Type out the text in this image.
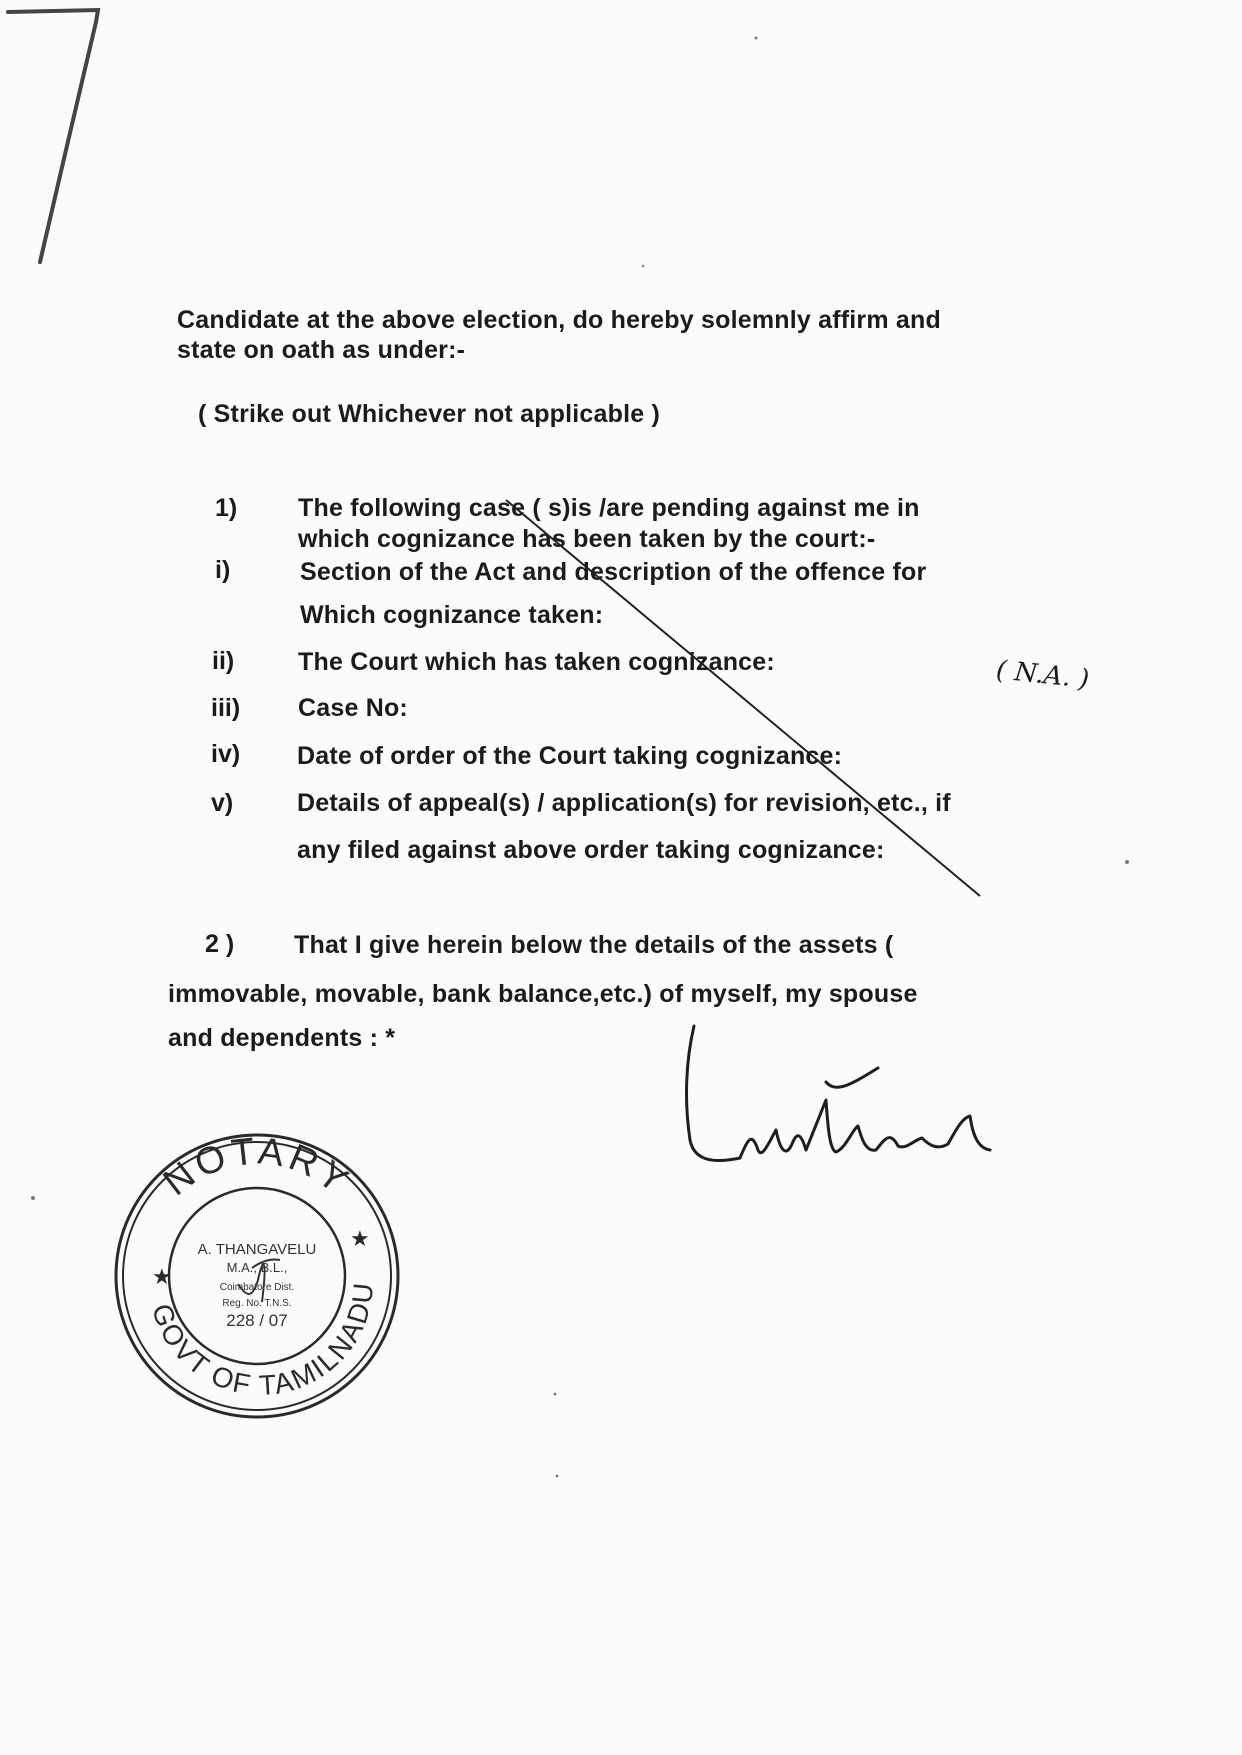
Candidate at the above election, do hereby solemnly affirm and
state on oath as under:-
( Strike out Whichever not applicable )
1) The following case ( s)is /are pending against me in
which cognizance has been taken by the court:-
i)	Section of the Act and description of the offence for
Which cognizance taken:
ii)	The Court which has taken cognizance:
iii) Case No:
iv) Date of order of the Court taking cognizance:
v)	Details of appeal(s) / application(s) for revision, etc., if
any filed against above order taking cognizance:
( N.A. )
2 ) That I give herein below the details of the assets (
immovable, movable, bank balance,etc.) of myself, my spouse
and dependents : *
NOTARY
GOVT OF TAMILNADU
★
★
A. THANGAVELU
M.A., B.L.,
Coimbatore Dist.
Reg. No. T.N.S.
228 / 07
